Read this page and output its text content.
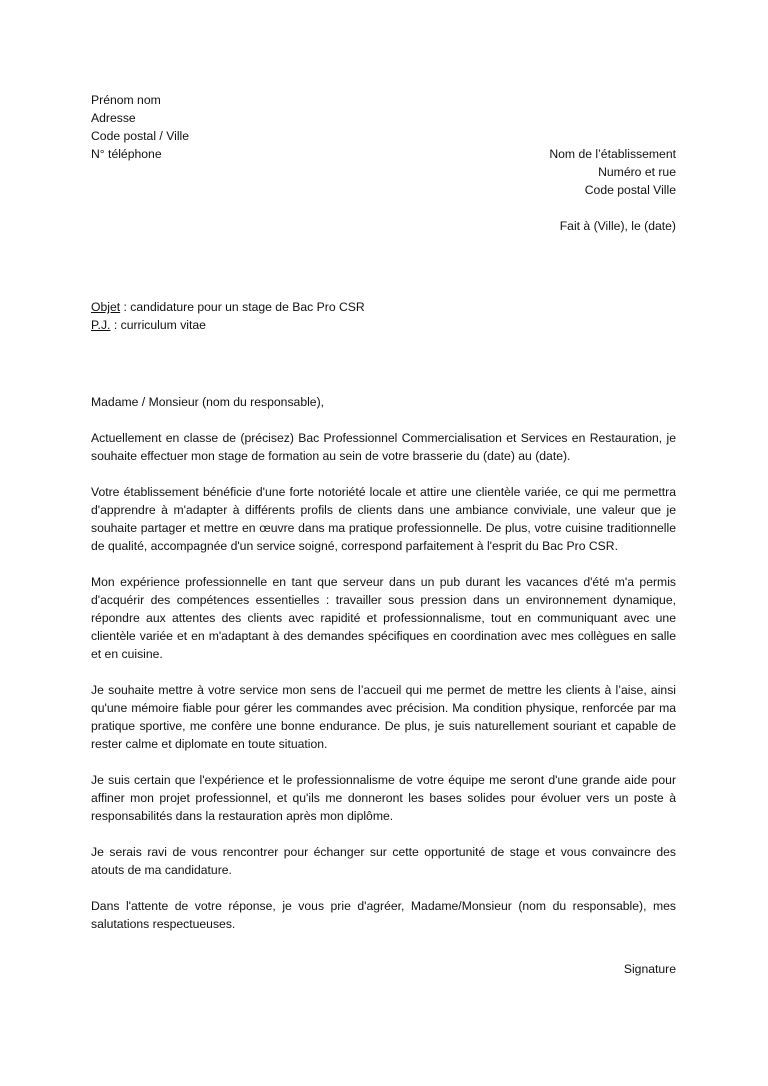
Prénom nom
Adresse
Code postal / Ville
N° téléphone	Nom de l’établissement
Numéro et rue
Code postal Ville
Fait à (Ville), le (date)
Objet : candidature pour un stage de Bac Pro CSR
P.J. : curriculum vitae

Madame / Monsieur (nom du responsable),

Actuellement en classe de (précisez) Bac Professionnel Commercialisation et Services en Restauration, je souhaite effectuer mon stage de formation au sein de votre brasserie du (date) au (date).

Votre établissement bénéficie d'une forte notoriété locale et attire une clientèle variée, ce qui me permettra d'apprendre à m'adapter à différents profils de clients dans une ambiance conviviale, une valeur que je souhaite partager et mettre en œuvre dans ma pratique professionnelle. De plus, votre cuisine traditionnelle de qualité, accompagnée d'un service soigné, correspond parfaitement à l'esprit du Bac Pro CSR.

Mon expérience professionnelle en tant que serveur dans un pub durant les vacances d'été m'a permis d'acquérir des compétences essentielles : travailler sous pression dans un environnement dynamique, répondre aux attentes des clients avec rapidité et professionnalisme, tout en communiquant avec une clientèle variée et en m'adaptant à des demandes spécifiques en coordination avec mes collègues en salle et en cuisine.

Je souhaite mettre à votre service mon sens de l’accueil qui me permet de mettre les clients à l’aise, ainsi qu'une mémoire fiable pour gérer les commandes avec précision. Ma condition physique, renforcée par ma pratique sportive, me confère une bonne endurance. De plus, je suis naturellement souriant et capable de rester calme et diplomate en toute situation.

Je suis certain que l'expérience et le professionnalisme de votre équipe me seront d'une grande aide pour affiner mon projet professionnel, et qu'ils me donneront les bases solides pour évoluer vers un poste à responsabilités dans la restauration après mon diplôme.

Je serais ravi de vous rencontrer pour échanger sur cette opportunité de stage et vous convaincre des atouts de ma candidature.

Dans l'attente de votre réponse, je vous prie d'agréer, Madame/Monsieur (nom du responsable), mes salutations respectueuses.

Signature
